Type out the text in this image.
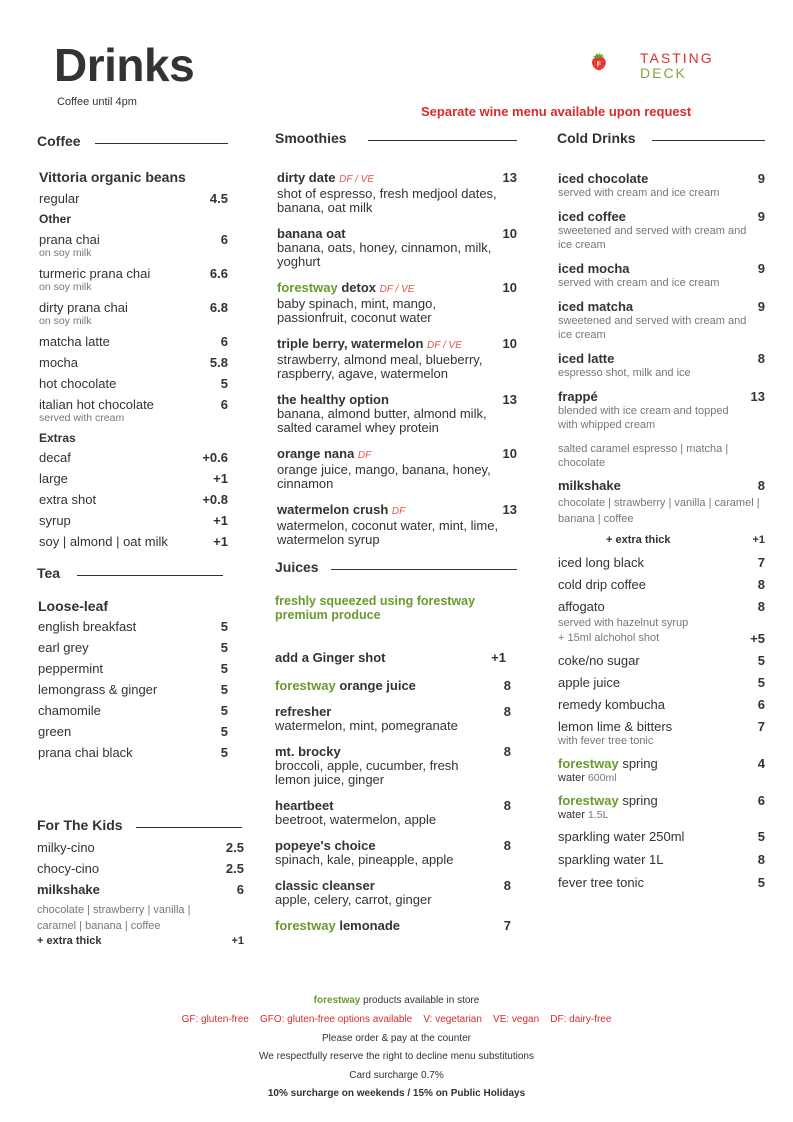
Drinks
Coffee until 4pm
Separate wine menu available upon request
F	TASTING
DECK
Coffee
Vittoria organic beans
regular	4.5
Other
prana chai	6
on soy milk
turmeric prana chai	6.6
on soy milk
dirty prana chai	6.8
on soy milk
matcha latte	6
mocha	5.8
hot chocolate	5
italian hot chocolate	6
served with cream
Extras
decaf	+0.6
large	+1
extra shot	+0.8
syrup	+1
soy | almond | oat milk	+1
Tea
Loose-leaf
english breakfast	5
earl grey	5
peppermint	5
lemongrass & ginger	5
chamomile	5
green	5
prana chai black	5
For The Kids
milky-cino	2.5
chocy-cino	2.5
milkshake	6
chocolate | strawberry | vanilla | caramel | banana | coffee
+ extra thick	+1
Smoothies
dirty date DF / VE	13
shot of espresso, fresh medjool dates, banana, oat milk
banana oat	10
banana, oats, honey, cinnamon, milk, yoghurt
forestway detox DF / VE	10
baby spinach, mint, mango, passionfruit, coconut water
triple berry, watermelon DF / VE	10
strawberry, almond meal, blueberry, raspberry, agave, watermelon
the healthy option	13
banana, almond butter, almond milk, salted caramel whey protein
orange nana DF	10
orange juice, mango, banana, honey, cinnamon
watermelon crush DF	13
watermelon, coconut water, mint, lime, watermelon syrup
Juices
freshly squeezed using forestway premium produce
add a Ginger shot	+1
forestway orange juice	8
refresher	8
watermelon, mint, pomegranate
mt. brocky	8
broccoli, apple, cucumber, fresh lemon juice, ginger
heartbeet	8
beetroot, watermelon, apple
popeye's choice	8
spinach, kale, pineapple, apple
classic cleanser	8
apple, celery, carrot, ginger
forestway lemonade	7
Cold Drinks
iced chocolate	9
served with cream and ice cream
iced coffee	9
sweetened and served with cream and ice cream
iced mocha	9
served with cream and ice cream
iced matcha	9
sweetened and served with cream and ice cream
iced latte	8
espresso shot, milk and ice
frappé	13
blended with ice cream and topped with whipped cream
salted caramel espresso | matcha | chocolate
milkshake	8
chocolate | strawberry | vanilla | caramel | banana | coffee
+ extra thick	+1
iced long black	7
cold drip coffee	8
affogato	8
served with hazelnut syrup
+ 15ml alchohol shot	+5
coke/no sugar	5
apple juice	5
remedy kombucha	6
lemon lime & bitters	7
with fever tree tonic
forestway spring	4
water 600ml
forestway spring	6
water 1.5L
sparkling water 250ml	5
sparkling water 1L	8
fever tree tonic	5
forestway products available in store
GF: gluten-free    GFO: gluten-free options available    V: vegetarian    VE: vegan    DF: dairy-free
Please order & pay at the counter
We respectfully reserve the right to decline menu substitutions
Card surcharge 0.7%
10% surcharge on weekends / 15% on Public Holidays
